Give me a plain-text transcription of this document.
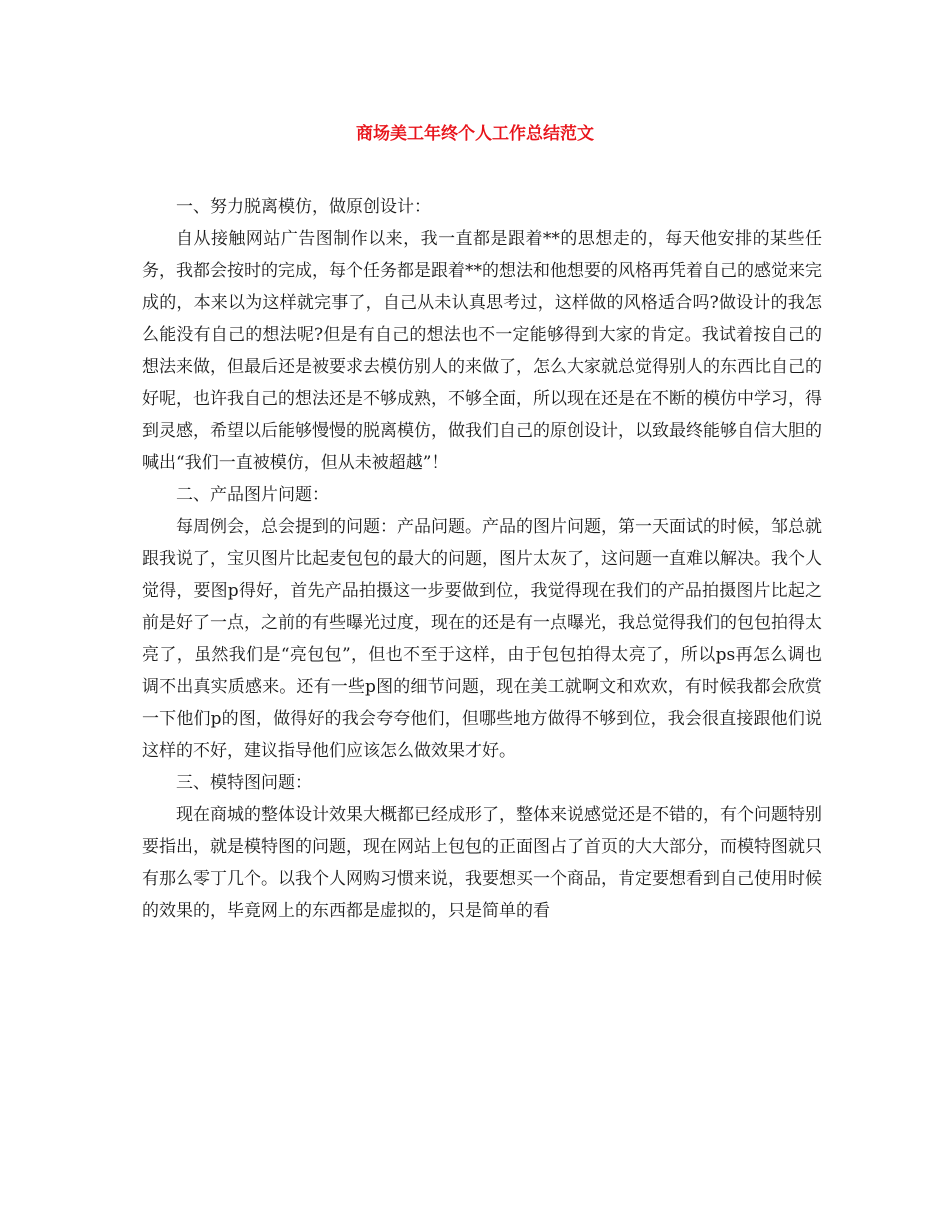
商场美工年终个人工作总结范文

一、努力脱离模仿，做原创设计：

自从接触网站广告图制作以来，我一直都是跟着**的思想走的，每天他安排的某些任务，我都会按时的完成，每个任务都是跟着**的想法和他想要的风格再凭着自己的感觉来完成的，本来以为这样就完事了，自己从未认真思考过，这样做的风格适合吗?做设计的我怎么能没有自己的想法呢?但是有自己的想法也不一定能够得到大家的肯定。我试着按自己的想法来做，但最后还是被要求去模仿别人的来做了，怎么大家就总觉得别人的东西比自己的好呢，也许我自己的想法还是不够成熟，不够全面，所以现在还是在不断的模仿中学习，得到灵感，希望以后能够慢慢的脱离模仿，做我们自己的原创设计，以致最终能够自信大胆的喊出“我们一直被模仿，但从未被超越”！

二、产品图片问题：

每周例会，总会提到的问题：产品问题。产品的图片问题，第一天面试的时候，邹总就跟我说了，宝贝图片比起麦包包的最大的问题，图片太灰了，这问题一直难以解决。我个人觉得，要图p得好，首先产品拍摄这一步要做到位，我觉得现在我们的产品拍摄图片比起之前是好了一点，之前的有些曝光过度，现在的还是有一点曝光，我总觉得我们的包包拍得太亮了，虽然我们是“亮包包”，但也不至于这样，由于包包拍得太亮了，所以ps再怎么调也调不出真实质感来。还有一些p图的细节问题，现在美工就啊文和欢欢，有时候我都会欣赏一下他们p的图，做得好的我会夸夸他们，但哪些地方做得不够到位，我会很直接跟他们说这样的不好，建议指导他们应该怎么做效果才好。

三、模特图问题：

现在商城的整体设计效果大概都已经成形了，整体来说感觉还是不错的，有个问题特别要指出，就是模特图的问题，现在网站上包包的正面图占了首页的大大部分，而模特图就只有那么零丁几个。以我个人网购习惯来说，我要想买一个商品，肯定要想看到自己使用时候的效果的，毕竟网上的东西都是虚拟的，只是简单的看
